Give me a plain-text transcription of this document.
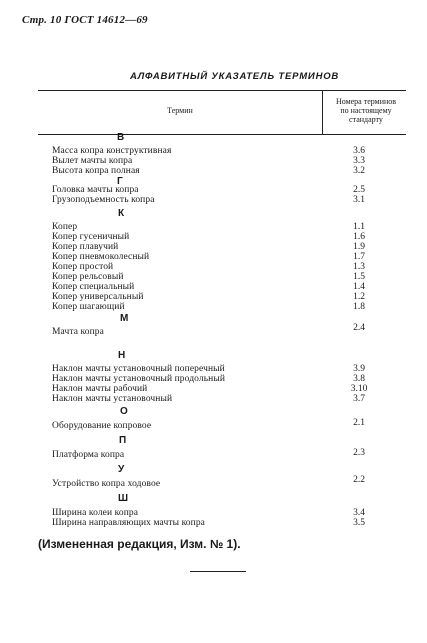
Стр. 10 ГОСТ 14612—69
АЛФАВИТНЫЙ УКАЗАТЕЛЬ ТЕРМИНОВ
Термин
Номера терминов
по настоящему
стандарту
В
Масса копра конструктивная	3.6
Вылет мачты копра	3.3
Высота копра полная	3.2
Г
Головка мачты копра	2.5
Грузоподъемность копра	3.1
К
Копер	1.1
Копер гусеничный	1.6
Копер плавучий	1.9
Копер пневмоколесный	1.7
Копер простой	1.3
Копер рельсовый	1.5
Копер специальный	1.4
Копер универсальный	1.2
Копер шагающий	1.8
М
Мачта копра	2.4
Н
Наклон мачты установочный поперечный	3.9
Наклон мачты установочный продольный	3.8
Наклон мачты рабочий	3.10
Наклон мачты установочный	3.7
О
Оборудование копровое	2.1
П
Платформа копра	2.3
У
Устройство копра ходовое	2.2
Ш
Ширина колеи копра	3.4
Ширина направляющих мачты копра	3.5
(Измененная редакция, Изм. № 1).
